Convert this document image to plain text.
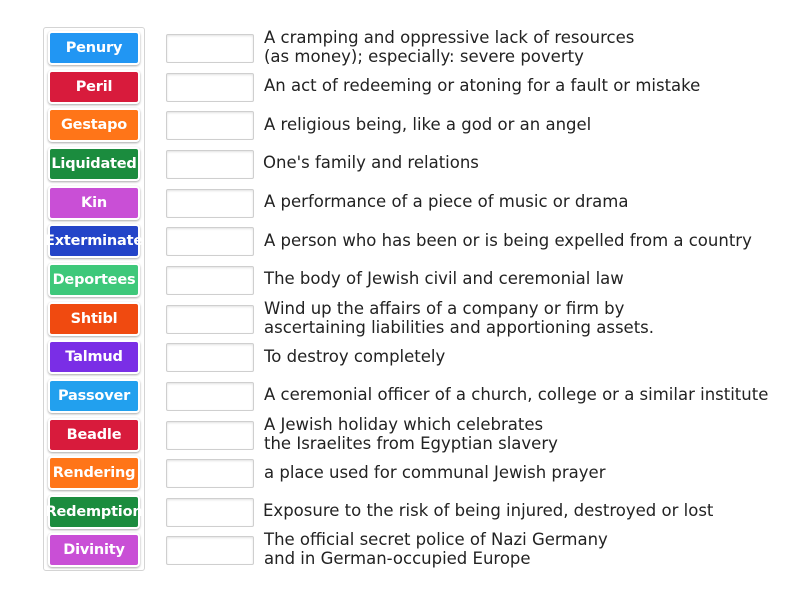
Penury
Peril
Gestapo
Liquidated
Kin
Exterminate
Deportees
Shtibl
Talmud
Passover
Beadle
Rendering
Redemption
Divinity
A cramping and oppressive lack of resources
(as money); especially: severe poverty
An act of redeeming or atoning for a fault or mistake
A religious being, like a god or an angel
One's family and relations
A performance of a piece of music or drama
A person who has been or is being expelled from a country
The body of Jewish civil and ceremonial law
Wind up the affairs of a company or firm by
ascertaining liabilities and apportioning assets.
To destroy completely
A ceremonial officer of a church, college or a similar institute
A Jewish holiday which celebrates
the Israelites from Egyptian slavery
a place used for communal Jewish prayer
Exposure to the risk of being injured, destroyed or lost
The official secret police of Nazi Germany
and in German-occupied Europe
